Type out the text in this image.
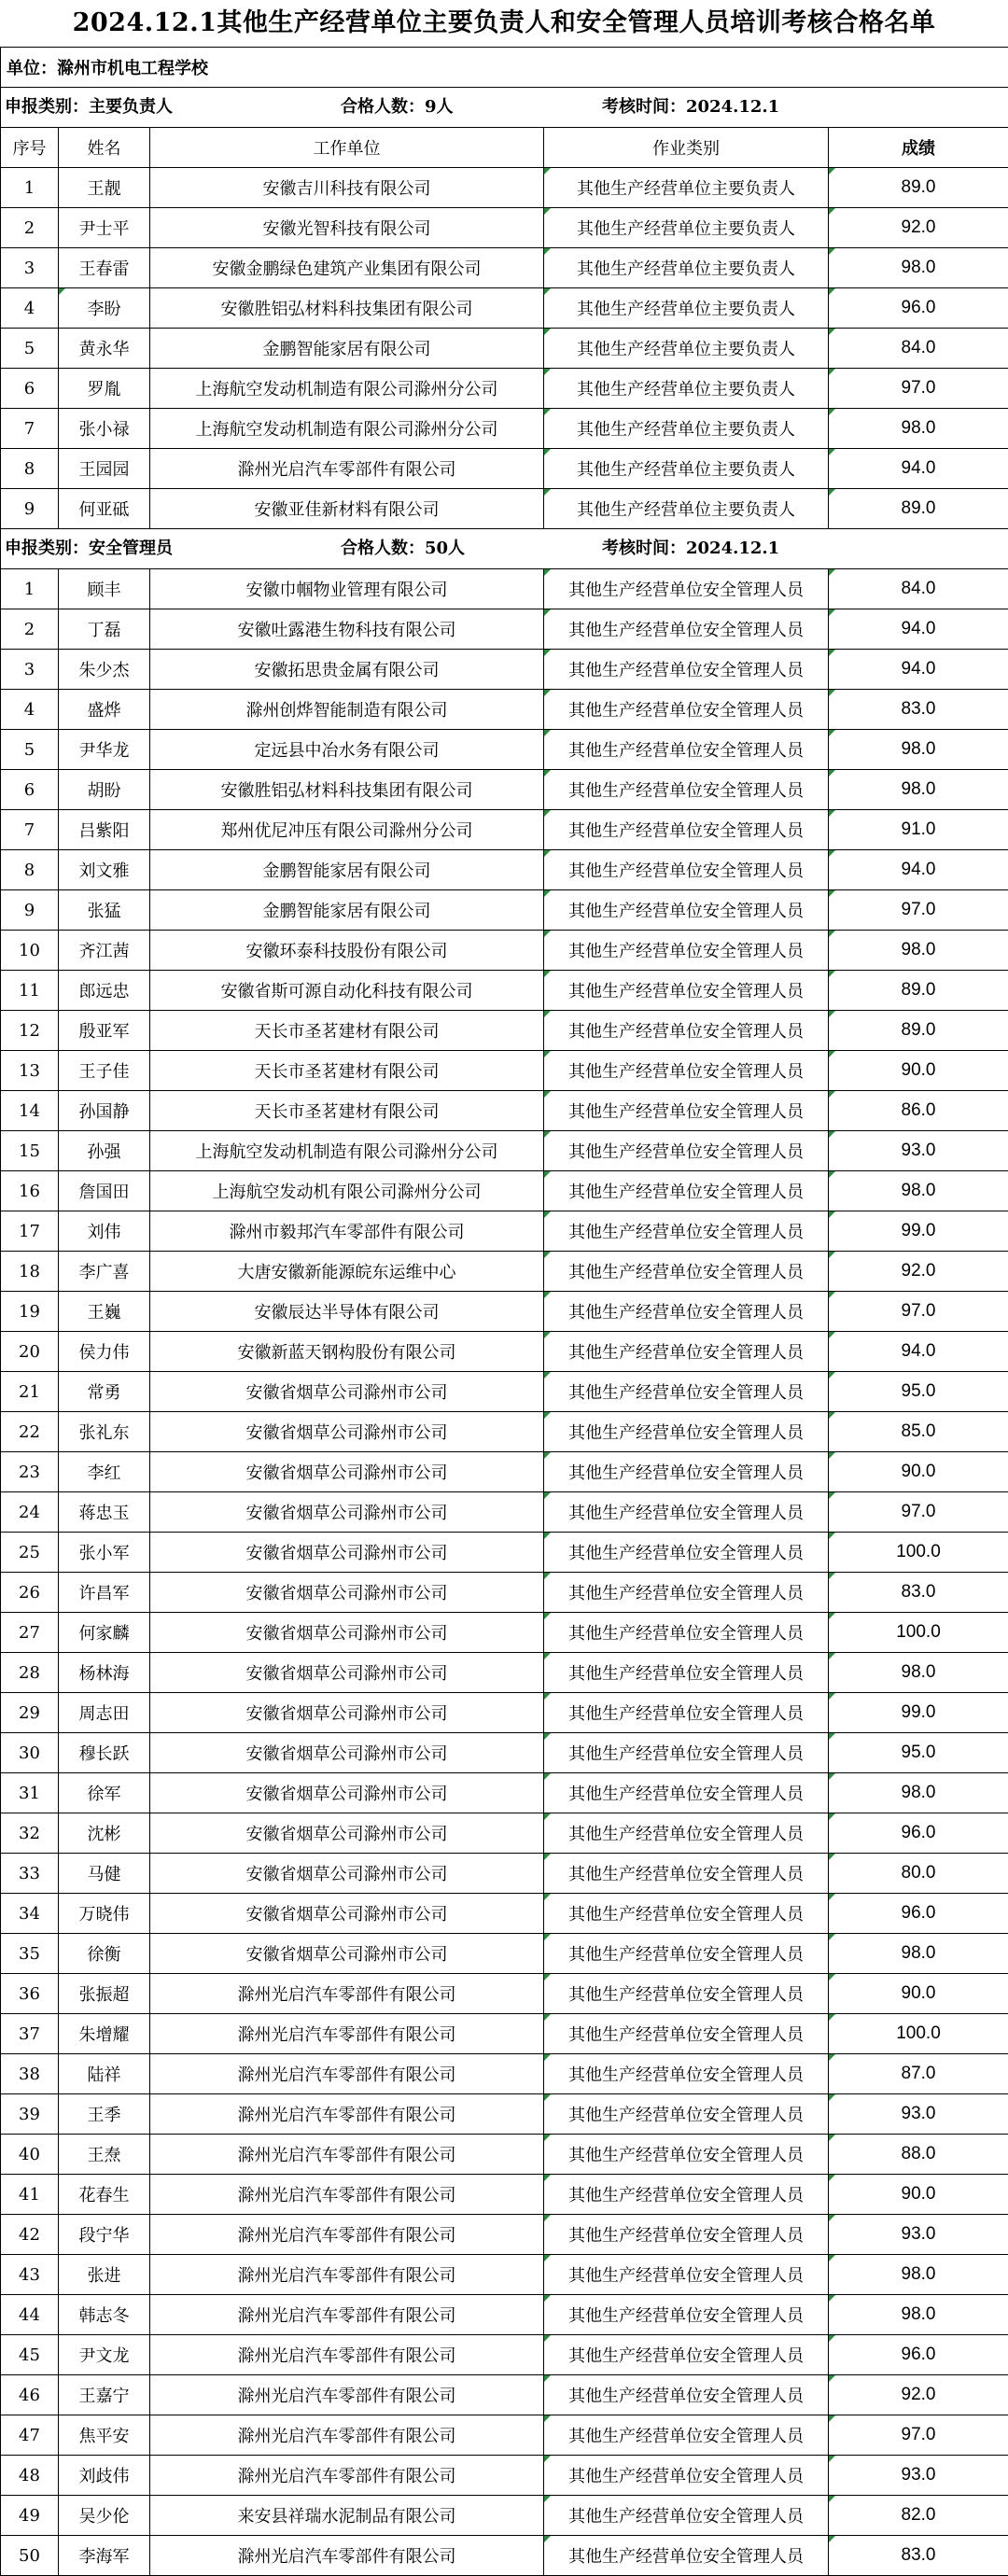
2024.12.1其他生产经营单位主要负责人和安全管理人员培训考核合格名单
单位：滁州市机电工程学校				

申报类别：主要负责人 合格人数：9人 考核时间：2024.12.1				

序号	姓名	工作单位	作业类别	成绩
1	王靓	安徽吉川科技有限公司	其他生产经营单位主要负责人	89.0
2	尹士平	安徽光智科技有限公司	其他生产经营单位主要负责人	92.0
3	王春雷	安徽金鹏绿色建筑产业集团有限公司	其他生产经营单位主要负责人	98.0
4	李盼	安徽胜铝弘材料科技集团有限公司	其他生产经营单位主要负责人	96.0
5	黄永华	金鹏智能家居有限公司	其他生产经营单位主要负责人	84.0
6	罗胤	上海航空发动机制造有限公司滁州分公司	其他生产经营单位主要负责人	97.0
7	张小禄	上海航空发动机制造有限公司滁州分公司	其他生产经营单位主要负责人	98.0
8	王园园	滁州光启汽车零部件有限公司	其他生产经营单位主要负责人	94.0
9	何亚砥	安徽亚佳新材料有限公司	其他生产经营单位主要负责人	89.0

申报类别：安全管理员 合格人数：50人 考核时间：2024.12.1				

1	顾丰	安徽巾帼物业管理有限公司	其他生产经营单位安全管理人员	84.0
2	丁磊	安徽吐露港生物科技有限公司	其他生产经营单位安全管理人员	94.0
3	朱少杰	安徽拓思贵金属有限公司	其他生产经营单位安全管理人员	94.0
4	盛烨	滁州创烨智能制造有限公司	其他生产经营单位安全管理人员	83.0
5	尹华龙	定远县中冶水务有限公司	其他生产经营单位安全管理人员	98.0
6	胡盼	安徽胜铝弘材料科技集团有限公司	其他生产经营单位安全管理人员	98.0
7	吕紫阳	郑州优尼冲压有限公司滁州分公司	其他生产经营单位安全管理人员	91.0
8	刘文雅	金鹏智能家居有限公司	其他生产经营单位安全管理人员	94.0
9	张猛	金鹏智能家居有限公司	其他生产经营单位安全管理人员	97.0
10	齐江茜	安徽环泰科技股份有限公司	其他生产经营单位安全管理人员	98.0
11	郎远忠	安徽省斯可源自动化科技有限公司	其他生产经营单位安全管理人员	89.0
12	殷亚军	天长市圣茗建材有限公司	其他生产经营单位安全管理人员	89.0
13	王子佳	天长市圣茗建材有限公司	其他生产经营单位安全管理人员	90.0
14	孙国静	天长市圣茗建材有限公司	其他生产经营单位安全管理人员	86.0
15	孙强	上海航空发动机制造有限公司滁州分公司	其他生产经营单位安全管理人员	93.0
16	詹国田	上海航空发动机有限公司滁州分公司	其他生产经营单位安全管理人员	98.0
17	刘伟	滁州市毅邦汽车零部件有限公司	其他生产经营单位安全管理人员	99.0
18	李广喜	大唐安徽新能源皖东运维中心	其他生产经营单位安全管理人员	92.0
19	王巍	安徽辰达半导体有限公司	其他生产经营单位安全管理人员	97.0
20	侯力伟	安徽新蓝天钢构股份有限公司	其他生产经营单位安全管理人员	94.0
21	常勇	安徽省烟草公司滁州市公司	其他生产经营单位安全管理人员	95.0
22	张礼东	安徽省烟草公司滁州市公司	其他生产经营单位安全管理人员	85.0
23	李红	安徽省烟草公司滁州市公司	其他生产经营单位安全管理人员	90.0
24	蒋忠玉	安徽省烟草公司滁州市公司	其他生产经营单位安全管理人员	97.0
25	张小军	安徽省烟草公司滁州市公司	其他生产经营单位安全管理人员	100.0
26	许昌军	安徽省烟草公司滁州市公司	其他生产经营单位安全管理人员	83.0
27	何家麟	安徽省烟草公司滁州市公司	其他生产经营单位安全管理人员	100.0
28	杨林海	安徽省烟草公司滁州市公司	其他生产经营单位安全管理人员	98.0
29	周志田	安徽省烟草公司滁州市公司	其他生产经营单位安全管理人员	99.0
30	穆长跃	安徽省烟草公司滁州市公司	其他生产经营单位安全管理人员	95.0
31	徐军	安徽省烟草公司滁州市公司	其他生产经营单位安全管理人员	98.0
32	沈彬	安徽省烟草公司滁州市公司	其他生产经营单位安全管理人员	96.0
33	马健	安徽省烟草公司滁州市公司	其他生产经营单位安全管理人员	80.0
34	万晓伟	安徽省烟草公司滁州市公司	其他生产经营单位安全管理人员	96.0
35	徐衡	安徽省烟草公司滁州市公司	其他生产经营单位安全管理人员	98.0
36	张振超	滁州光启汽车零部件有限公司	其他生产经营单位安全管理人员	90.0
37	朱增耀	滁州光启汽车零部件有限公司	其他生产经营单位安全管理人员	100.0
38	陆祥	滁州光启汽车零部件有限公司	其他生产经营单位安全管理人员	87.0
39	王季	滁州光启汽车零部件有限公司	其他生产经营单位安全管理人员	93.0
40	王焘	滁州光启汽车零部件有限公司	其他生产经营单位安全管理人员	88.0
41	花春生	滁州光启汽车零部件有限公司	其他生产经营单位安全管理人员	90.0
42	段宁华	滁州光启汽车零部件有限公司	其他生产经营单位安全管理人员	93.0
43	张进	滁州光启汽车零部件有限公司	其他生产经营单位安全管理人员	98.0
44	韩志冬	滁州光启汽车零部件有限公司	其他生产经营单位安全管理人员	98.0
45	尹文龙	滁州光启汽车零部件有限公司	其他生产经营单位安全管理人员	96.0
46	王嘉宁	滁州光启汽车零部件有限公司	其他生产经营单位安全管理人员	92.0
47	焦平安	滁州光启汽车零部件有限公司	其他生产经营单位安全管理人员	97.0
48	刘歧伟	滁州光启汽车零部件有限公司	其他生产经营单位安全管理人员	93.0
49	吴少伦	来安县祥瑞水泥制品有限公司	其他生产经营单位安全管理人员	82.0
50	李海军	滁州光启汽车零部件有限公司	其他生产经营单位安全管理人员	83.0
